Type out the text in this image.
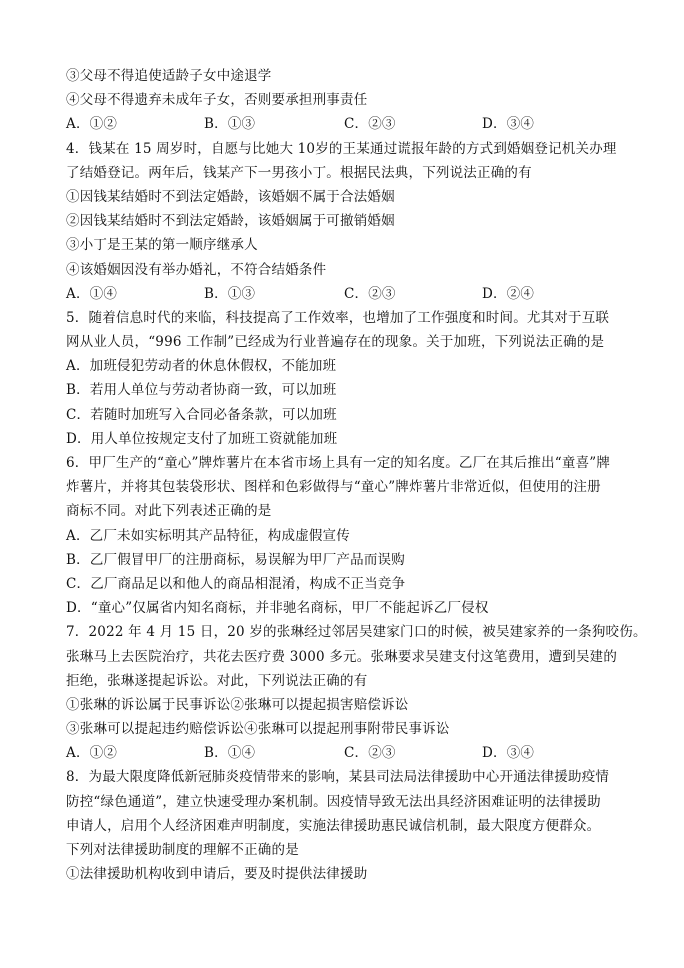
③父母不得追使适龄子女中途退学
④父母不得遗弃未成年子女，否则要承担刑事责任
A．①②	B．①③	C．②③	D．③④
4．钱某在 15 周岁时，自愿与比她大 10岁的王某通过谎报年龄的方式到婚姻登记机关办理
了结婚登记。两年后，钱某产下一男孩小丁。根据民法典，下列说法正确的有
①因钱某结婚时不到法定婚龄，该婚姻不属于合法婚姻
②因钱某结婚时不到法定婚龄，该婚姻属于可撤销婚姻
③小丁是王某的第一顺序继承人
④该婚姻因没有举办婚礼，不符合结婚条件
A．①④	B．①③	C．②③	D．②④
5．随着信息时代的来临，科技提高了工作效率，也增加了工作强度和时间。尤其对于互联
网从业人员，“996 工作制”已经成为行业普遍存在的现象。关于加班，下列说法正确的是
A．加班侵犯劳动者的休息休假权，不能加班
B．若用人单位与劳动者协商一致，可以加班
C．若随时加班写入合同必备条款，可以加班
D．用人单位按规定支付了加班工资就能加班
6．甲厂生产的“童心”牌炸薯片在本省市场上具有一定的知名度。乙厂在其后推出“童喜”牌
炸薯片，并将其包装袋形状、图样和色彩做得与“童心”牌炸薯片非常近似，但使用的注册
商标不同。对此下列表述正确的是
A．乙厂未如实标明其产品特征，构成虚假宣传
B．乙厂假冒甲厂的注册商标，易误解为甲厂产品而误购
C．乙厂商品足以和他人的商品相混淆，构成不正当竞争
D．“童心”仅属省内知名商标，并非驰名商标，甲厂不能起诉乙厂侵权
7．2022 年 4 月 15 日，20 岁的张琳经过邻居吴建家门口的时候，被吴建家养的一条狗咬伤。
张琳马上去医院治疗，共花去医疗费 3000 多元。张琳要求吴建支付这笔费用，遭到吴建的
拒绝，张琳遂提起诉讼。对此，下列说法正确的有
①张琳的诉讼属于民事诉讼②张琳可以提起损害赔偿诉讼
③张琳可以提起违约赔偿诉讼④张琳可以提起刑事附带民事诉讼
A．①②	B．①④	C．②③	D．③④
8．为最大限度降低新冠肺炎疫情带来的影响，某县司法局法律援助中心开通法律援助疫情
防控“绿色通道”，建立快速受理办案机制。因疫情导致无法出具经济困难证明的法律援助
申请人，启用个人经济困难声明制度，实施法律援助惠民诚信机制，最大限度方便群众。
下列对法律援助制度的理解不正确的是
①法律援助机构收到申请后，要及时提供法律援助
